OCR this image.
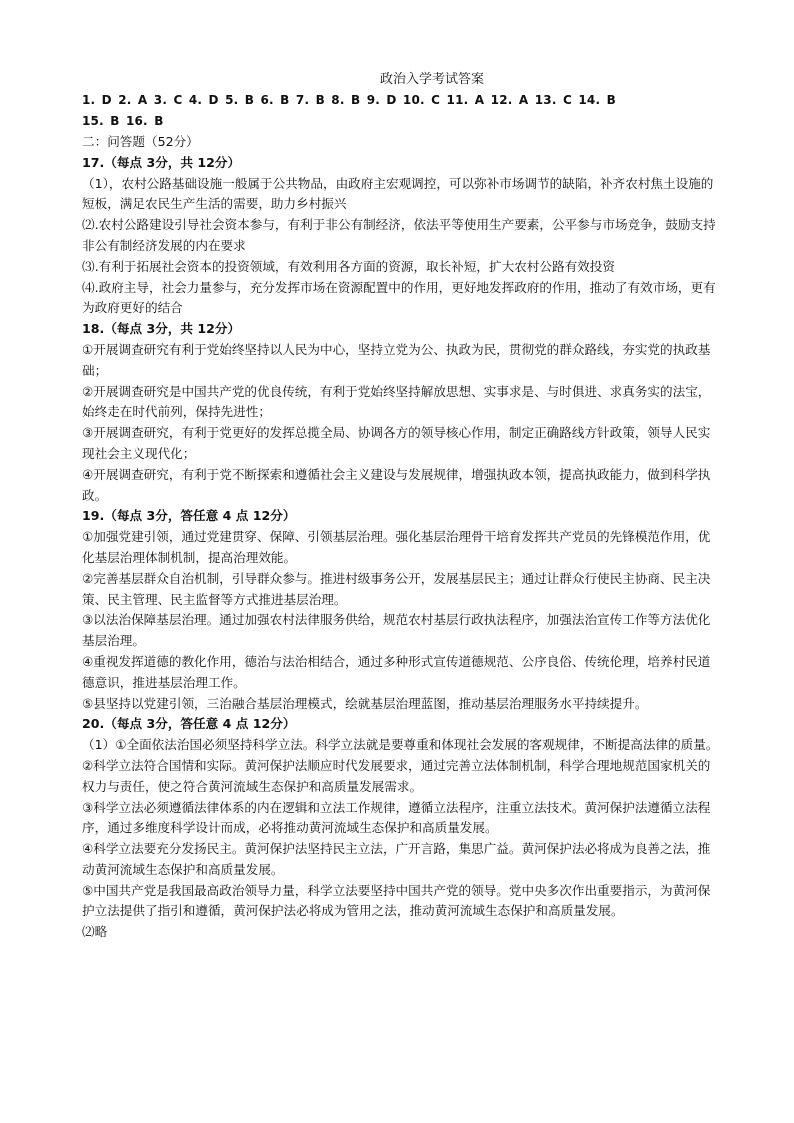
政治入学考试答案

1. D 2. A 3. C 4. D 5. B 6. B 7. B 8. B 9. D 10. C 11. A 12. A 13. C 14. B

15. B 16. B

二：问答题（52分）

17.（每点 3分，共 12分）

（1），农村公路基础设施一般属于公共物品，由政府主宏观调控，可以弥补市场调节的缺陷，补齐农村焦土设施的短板，满足农民生产生活的需要，助力乡村振兴

⑵.农村公路建设引导社会资本参与，有利于非公有制经济，依法平等使用生产要素，公平参与市场竞争，鼓励支持非公有制经济发展的内在要求

⑶.有利于拓展社会资本的投资领域，有效利用各方面的资源，取长补短，扩大农村公路有效投资

⑷.政府主导，社会力量参与，充分发挥市场在资源配置中的作用，更好地发挥政府的作用，推动了有效市场，更有为政府更好的结合

18.（每点 3分，共 12分）

①开展调查研究有利于党始终坚持以人民为中心，坚持立党为公、执政为民，贯彻党的群众路线，夯实党的执政基础；

②开展调查研究是中国共产党的优良传统，有利于党始终坚持解放思想、实事求是、与时俱进、求真务实的法宝，始终走在时代前列，保持先进性；

③开展调查研究，有利于党更好的发挥总揽全局、协调各方的领导核心作用，制定正确路线方针政策，领导人民实现社会主义现代化；

④开展调查研究，有利于党不断探索和遵循社会主义建设与发展规律，增强执政本领，提高执政能力，做到科学执政。

19.（每点 3分，答任意 4 点 12分）

①加强党建引领，通过党建贯穿、保障、引领基层治理。强化基层治理骨干培育发挥共产党员的先锋模范作用，优化基层治理体制机制，提高治理效能。

②完善基层群众自治机制，引导群众参与。推进村级事务公开，发展基层民主；通过让群众行使民主协商、民主决策、民主管理、民主监督等方式推进基层治理。

③以法治保障基层治理。通过加强农村法律服务供给，规范农村基层行政执法程序，加强法治宣传工作等方法优化基层治理。

④重视发挥道德的教化作用，德治与法治相结合，通过多种形式宣传道德规范、公序良俗、传统伦理，培养村民道德意识，推进基层治理工作。

⑤县坚持以党建引领，三治融合基层治理模式，绘就基层治理蓝图，推动基层治理服务水平持续提升。

20.（每点 3分，答任意 4 点 12分）

（1）①全面依法治国必须坚持科学立法。科学立法就是要尊重和体现社会发展的客观规律，不断提高法律的质量。

②科学立法符合国情和实际。黄河保护法顺应时代发展要求，通过完善立法体制机制，科学合理地规范国家机关的权力与责任，使之符合黄河流域生态保护和高质量发展需求。

③科学立法必须遵循法律体系的内在逻辑和立法工作规律，遵循立法程序，注重立法技术。黄河保护法遵循立法程序，通过多维度科学设计而成，必将推动黄河流域生态保护和高质量发展。

④科学立法要充分发扬民主。黄河保护法坚持民主立法，广开言路，集思广益。黄河保护法必将成为良善之法，推动黄河流域生态保护和高质量发展。

⑤中国共产党是我国最高政治领导力量，科学立法要坚持中国共产党的领导。党中央多次作出重要指示，为黄河保护立法提供了指引和遵循，黄河保护法必将成为管用之法，推动黄河流域生态保护和高质量发展。

⑵略
